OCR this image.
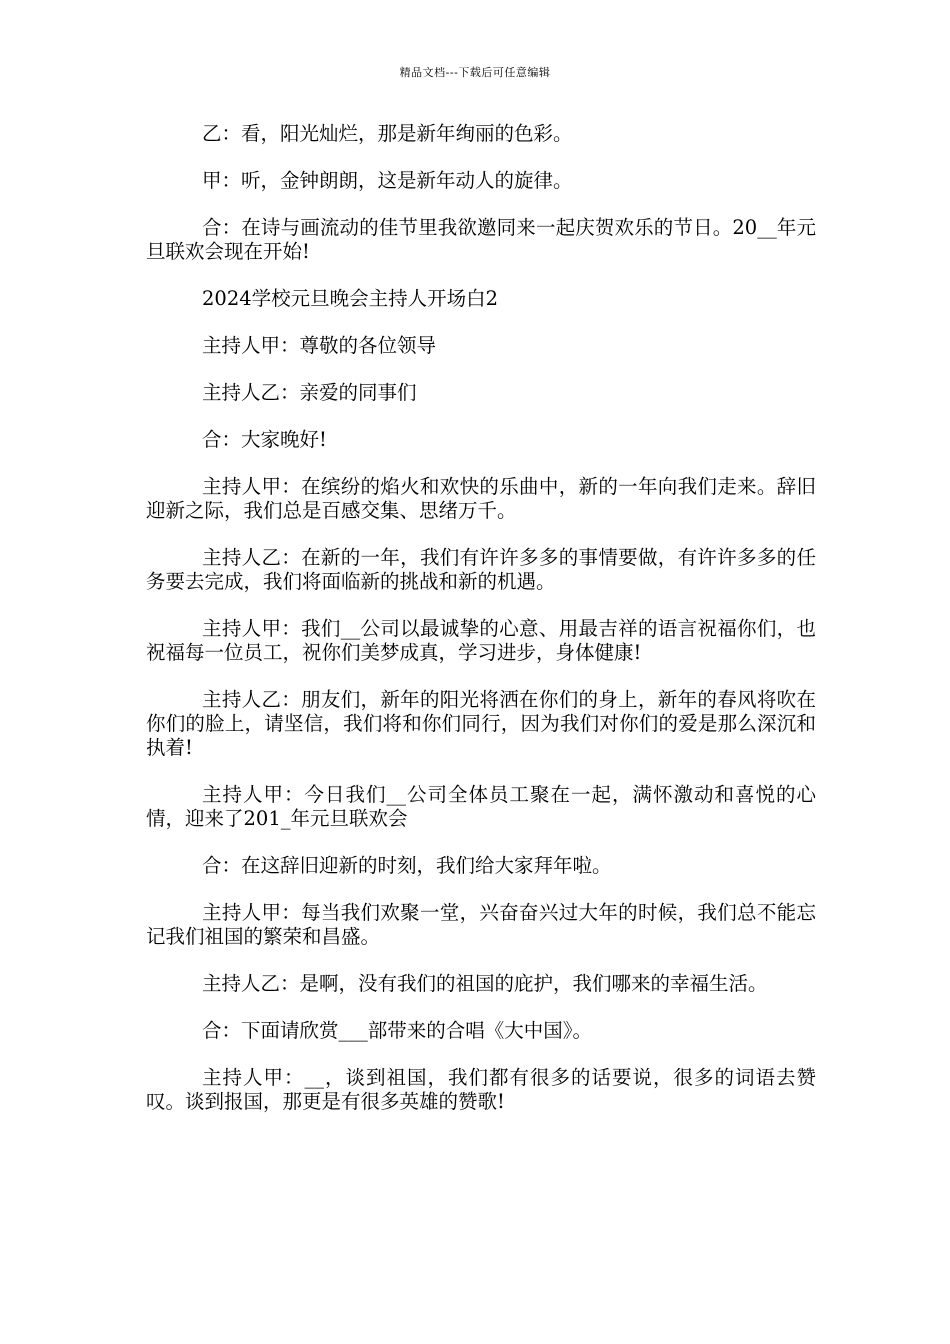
精品文档---下载后可任意编辑

乙：看，阳光灿烂，那是新年绚丽的色彩。

甲：听，金钟朗朗，这是新年动人的旋律。

合：在诗与画流动的佳节里我欲邀同来一起庆贺欢乐的节日。20__年元旦联欢会现在开始!

2024学校元旦晚会主持人开场白2

主持人甲：尊敬的各位领导

主持人乙：亲爱的同事们

合：大家晚好!

主持人甲：在缤纷的焰火和欢快的乐曲中，新的一年向我们走来。辞旧迎新之际，我们总是百感交集、思绪万千。

主持人乙：在新的一年，我们有许许多多的事情要做，有许许多多的任务要去完成，我们将面临新的挑战和新的机遇。

主持人甲：我们__公司以最诚挚的心意、用最吉祥的语言祝福你们，也祝福每一位员工，祝你们美梦成真，学习进步，身体健康!

主持人乙：朋友们，新年的阳光将洒在你们的身上，新年的春风将吹在你们的脸上，请坚信，我们将和你们同行，因为我们对你们的爱是那么深沉和执着!

主持人甲：今日我们__公司全体员工聚在一起，满怀激动和喜悦的心情，迎来了201_年元旦联欢会

合：在这辞旧迎新的时刻，我们给大家拜年啦。

主持人甲：每当我们欢聚一堂，兴奋奋兴过大年的时候，我们总不能忘记我们祖国的繁荣和昌盛。

主持人乙：是啊，没有我们的祖国的庇护，我们哪来的幸福生活。

合：下面请欣赏___部带来的合唱《大中国》。

主持人甲：__，谈到祖国，我们都有很多的话要说，很多的词语去赞叹。谈到报国，那更是有很多英雄的赞歌!
